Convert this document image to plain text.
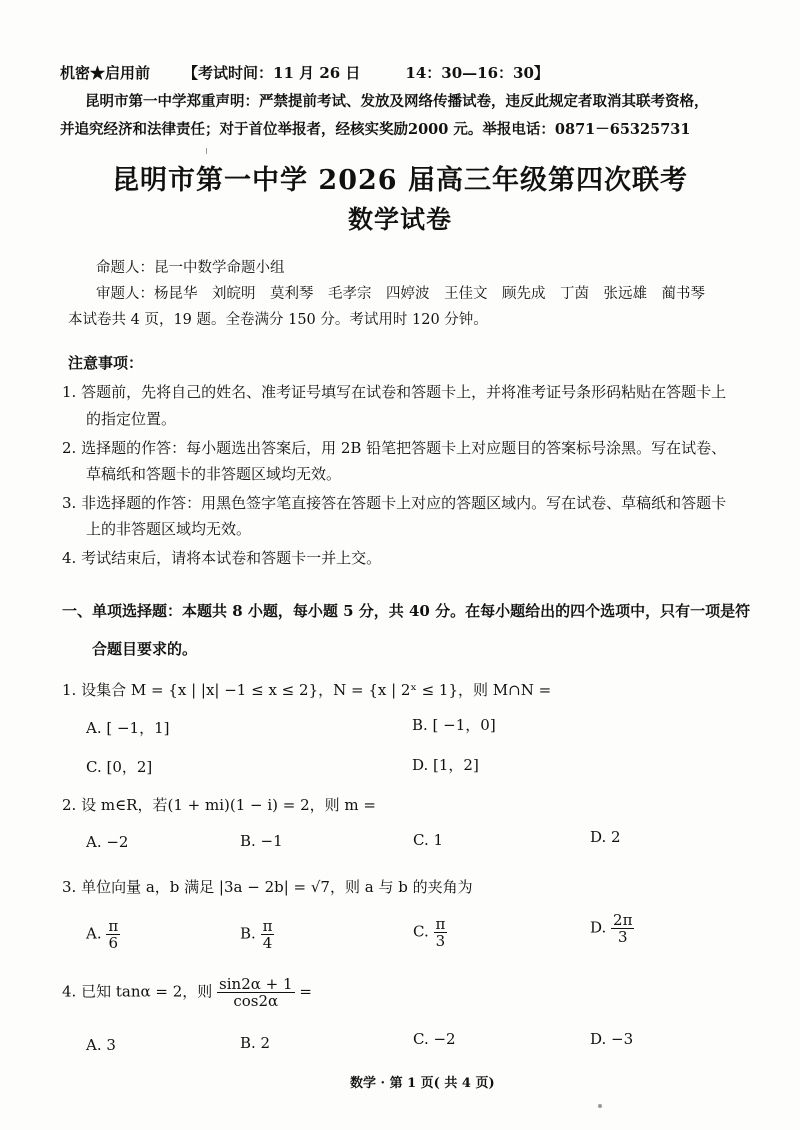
机密★启用前 【考试时间：11 月 26 日　　　14：30—16：30】
昆明市第一中学郑重声明：严禁提前考试、发放及网络传播试卷，违反此规定者取消其联考资格，
并追究经济和法律责任；对于首位举报者，经核实奖励2000 元。举报电话：0871－65325731
昆明市第一中学 2026 届高三年级第四次联考
数学试卷
命题人：昆一中数学命题小组
审题人：杨昆华　刘皖明　莫利琴　毛孝宗　四婷波　王佳文　顾先成　丁茵　张远雄　蔺书琴
本试卷共 4 页，19 题。全卷满分 150 分。考试用时 120 分钟。
注意事项：
1. 答题前，先将自己的姓名、准考证号填写在试卷和答题卡上，并将准考证号条形码粘贴在答题卡上
的指定位置。
2. 选择题的作答：每小题选出答案后，用 2B 铅笔把答题卡上对应题目的答案标号涂黑。写在试卷、
草稿纸和答题卡的非答题区域均无效。
3. 非选择题的作答：用黑色签字笔直接答在答题卡上对应的答题区域内。写在试卷、草稿纸和答题卡
上的非答题区域均无效。
4. 考试结束后，请将本试卷和答题卡一并上交。
一、单项选择题：本题共 8 小题，每小题 5 分，共 40 分。在每小题给出的四个选项中，只有一项是符
合题目要求的。
1. 设集合 M = {x | |x| −1 ≤ x ≤ 2}，N = {x | 2ˣ ≤ 1}，则 M∩N =
A. [ −1，1]	B. [ −1，0]
C. [0，2]	D. [1，2]
2. 设 m∈R，若(1 + mi)(1 − i) = 2，则 m =
A. −2	B. −1	C. 1	D. 2
3. 单位向量 a，b 满足 |3a − 2b| = √7，则 a 与 b 的夹角为
A. $\frac{\pi}{6}$	B. $\frac{\pi}{4}$	C. $\frac{\pi}{3}$	D. $\frac{2\pi}{3}$
4. 已知 tanα = 2，则 $\frac{\sin 2\alpha + 1}{\cos 2\alpha}$ =
A. 3	B. 2	C. −2	D. −3
数学 · 第 1 页( 共 4 页)
